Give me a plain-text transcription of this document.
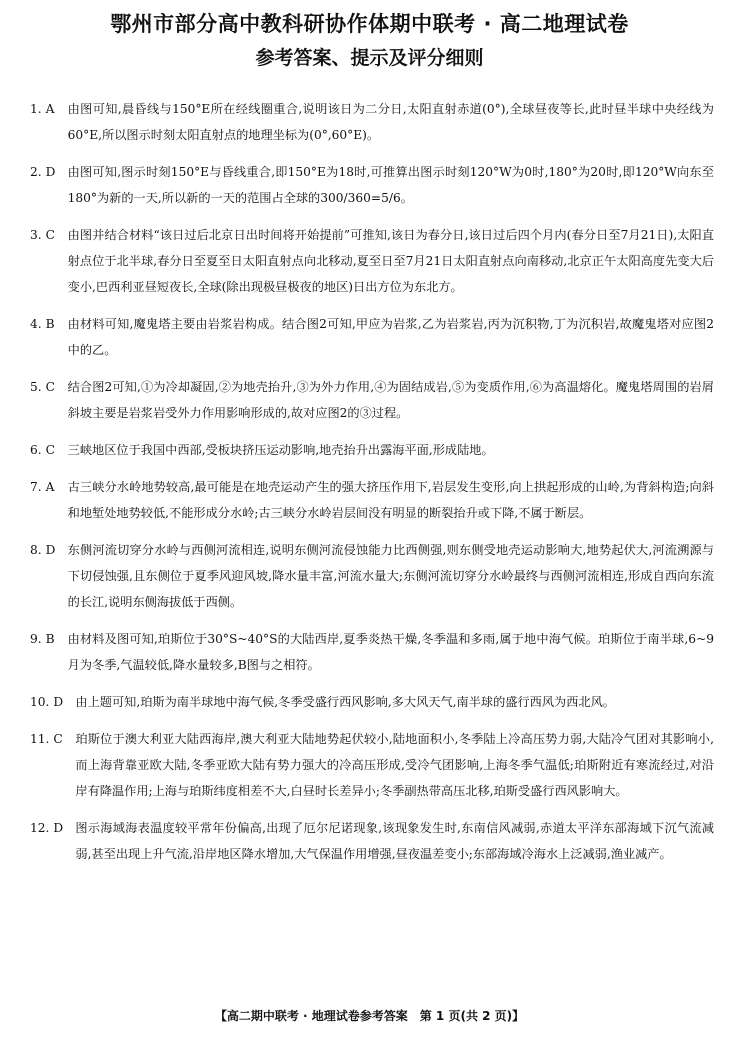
鄂州市部分高中教科研协作体期中联考 · 高二地理试卷
参考答案、提示及评分细则
1. A	由图可知,晨昏线与150°E所在经线圈重合,说明该日为二分日,太阳直射赤道(0°),全球昼夜等长,此时昼半球中央经线为60°E,所以图示时刻太阳直射点的地理坐标为(0°,60°E)。
2. D	由图可知,图示时刻150°E与昏线重合,即150°E为18时,可推算出图示时刻120°W为0时,180°为20时,即120°W向东至180°为新的一天,所以新的一天的范围占全球的300/360=5/6。
3. C	由图并结合材料“该日过后北京日出时间将开始提前”可推知,该日为春分日,该日过后四个月内(春分日至7月21日),太阳直射点位于北半球,春分日至夏至日太阳直射点向北移动,夏至日至7月21日太阳直射点向南移动,北京正午太阳高度先变大后变小,巴西利亚昼短夜长,全球(除出现极昼极夜的地区)日出方位为东北方。
4. B	由材料可知,魔鬼塔主要由岩浆岩构成。结合图2可知,甲应为岩浆,乙为岩浆岩,丙为沉积物,丁为沉积岩,故魔鬼塔对应图2中的乙。
5. C	结合图2可知,①为冷却凝固,②为地壳抬升,③为外力作用,④为固结成岩,⑤为变质作用,⑥为高温熔化。魔鬼塔周围的岩屑斜坡主要是岩浆岩受外力作用影响形成的,故对应图2的③过程。
6. C	三峡地区位于我国中西部,受板块挤压运动影响,地壳抬升出露海平面,形成陆地。
7. A	古三峡分水岭地势较高,最可能是在地壳运动产生的强大挤压作用下,岩层发生变形,向上拱起形成的山岭,为背斜构造;向斜和地堑处地势较低,不能形成分水岭;古三峡分水岭岩层间没有明显的断裂抬升或下降,不属于断层。
8. D	东侧河流切穿分水岭与西侧河流相连,说明东侧河流侵蚀能力比西侧强,则东侧受地壳运动影响大,地势起伏大,河流溯源与下切侵蚀强,且东侧位于夏季风迎风坡,降水量丰富,河流水量大;东侧河流切穿分水岭最终与西侧河流相连,形成自西向东流的长江,说明东侧海拔低于西侧。
9. B	由材料及图可知,珀斯位于30°S~40°S的大陆西岸,夏季炎热干燥,冬季温和多雨,属于地中海气候。珀斯位于南半球,6~9月为冬季,气温较低,降水量较多,B图与之相符。
10. D	由上题可知,珀斯为南半球地中海气候,冬季受盛行西风影响,多大风天气,南半球的盛行西风为西北风。
11. C	珀斯位于澳大利亚大陆西海岸,澳大利亚大陆地势起伏较小,陆地面积小,冬季陆上冷高压势力弱,大陆冷气团对其影响小,而上海背靠亚欧大陆,冬季亚欧大陆有势力强大的冷高压形成,受冷气团影响,上海冬季气温低;珀斯附近有寒流经过,对沿岸有降温作用;上海与珀斯纬度相差不大,白昼时长差异小;冬季副热带高压北移,珀斯受盛行西风影响大。
12. D	图示海域海表温度较平常年份偏高,出现了厄尔尼诺现象,该现象发生时,东南信风减弱,赤道太平洋东部海域下沉气流减弱,甚至出现上升气流,沿岸地区降水增加,大气保温作用增强,昼夜温差变小;东部海域冷海水上泛减弱,渔业减产。
【高二期中联考 · 地理试卷参考答案　第 1 页(共 2 页)】
